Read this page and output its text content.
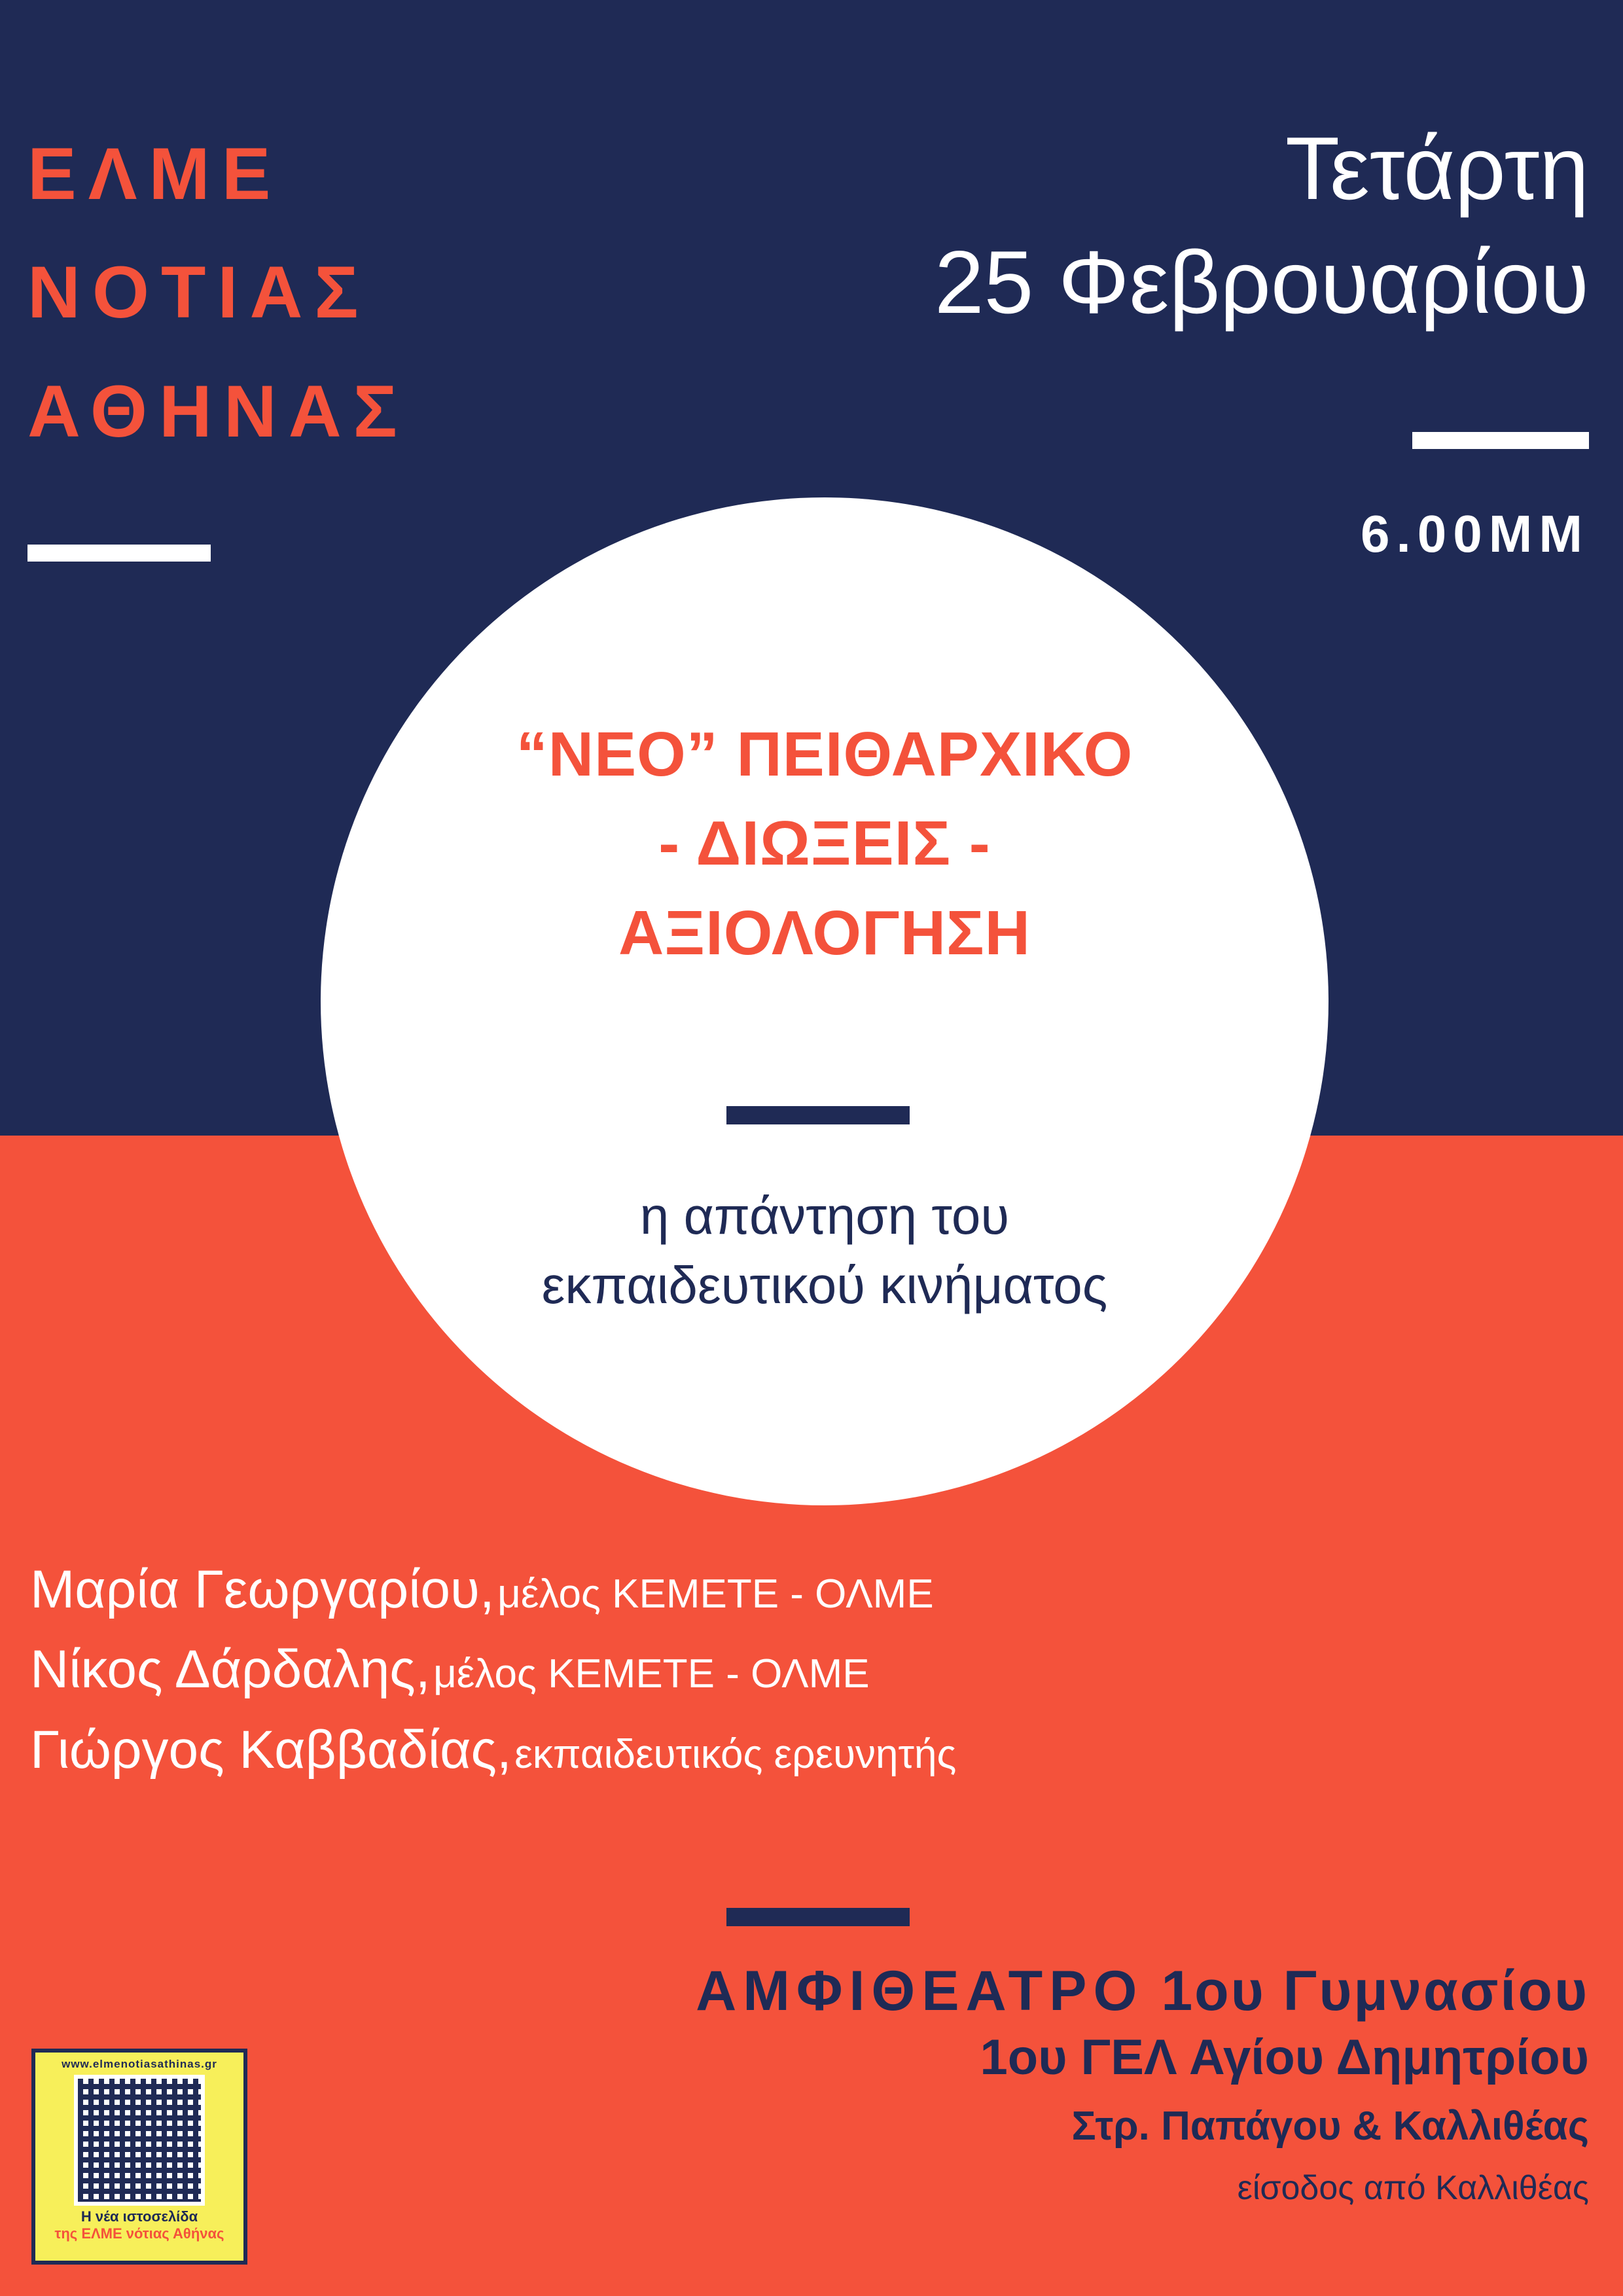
ΕΛΜΕ
ΝΟΤΙΑΣ
ΑΘΗΝΑΣ
Τετάρτη
25 Φεβρουαρίου
6.00ΜΜ
“ΝΕΟ” ΠΕΙΘΑΡΧΙΚΟ
- ΔΙΩΞΕΙΣ -
ΑΞΙΟΛΟΓΗΣΗ
η απάντηση του
εκπαιδευτικού κινήματος
Μαρία Γεωργαρίου, μέλος ΚΕΜΕΤΕ - ΟΛΜΕ
Νίκος Δάρδαλης, μέλος ΚΕΜΕΤΕ - ΟΛΜΕ
Γιώργος Καββαδίας, εκπαιδευτικός ερευνητής
ΑΜΦΙΘΕΑΤΡΟ 1ου Γυμνασίου
1ου ΓΕΛ Αγίου Δημητρίου
Στρ. Παπάγου & Καλλιθέας
είσοδος από Καλλιθέας
www.elmenotiasathinas.gr
Η νέα ιστοσελίδα
της ΕΛΜΕ νότιας Αθήνας
